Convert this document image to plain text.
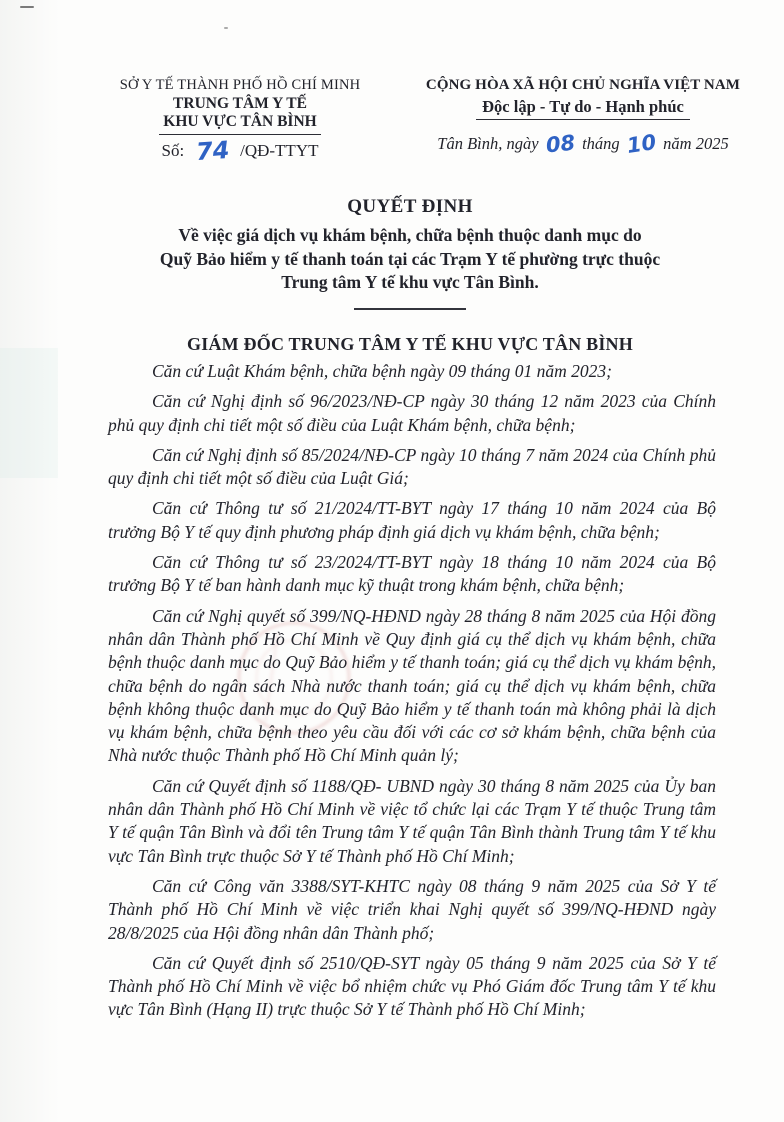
SỞ Y TẾ THÀNH PHỐ HỒ CHÍ MINH
TRUNG TÂM Y TẾ
KHU VỰC TÂN BÌNH
Số: 74 /QĐ-TTYT
CỘNG HÒA XÃ HỘI CHỦ NGHĨA VIỆT NAM
Độc lập - Tự do - Hạnh phúc
Tân Bình, ngày 08 tháng 10 năm 2025
QUYẾT ĐỊNH
Về việc giá dịch vụ khám bệnh, chữa bệnh thuộc danh mục do
Quỹ Bảo hiểm y tế thanh toán tại các Trạm Y tế phường trực thuộc
Trung tâm Y tế khu vực Tân Bình.
GIÁM ĐỐC TRUNG TÂM Y TẾ KHU VỰC TÂN BÌNH

Căn cứ Luật Khám bệnh, chữa bệnh ngày 09 tháng 01 năm 2023;

Căn cứ Nghị định số 96/2023/NĐ-CP ngày 30 tháng 12 năm 2023 của Chính phủ quy định chi tiết một số điều của Luật Khám bệnh, chữa bệnh;

Căn cứ Nghị định số 85/2024/NĐ-CP ngày 10 tháng 7 năm 2024 của Chính phủ quy định chi tiết một số điều của Luật Giá;

Căn cứ Thông tư số 21/2024/TT-BYT ngày 17 tháng 10 năm 2024 của Bộ trưởng Bộ Y tế quy định phương pháp định giá dịch vụ khám bệnh, chữa bệnh;

Căn cứ Thông tư số 23/2024/TT-BYT ngày 18 tháng 10 năm 2024 của Bộ trưởng Bộ Y tế ban hành danh mục kỹ thuật trong khám bệnh, chữa bệnh;

Căn cứ Nghị quyết số 399/NQ-HĐND ngày 28 tháng 8 năm 2025 của Hội đồng nhân dân Thành phố Hồ Chí Minh về Quy định giá cụ thể dịch vụ khám bệnh, chữa bệnh thuộc danh mục do Quỹ Bảo hiểm y tế thanh toán; giá cụ thể dịch vụ khám bệnh, chữa bệnh do ngân sách Nhà nước thanh toán; giá cụ thể dịch vụ khám bệnh, chữa bệnh không thuộc danh mục do Quỹ Bảo hiểm y tế thanh toán mà không phải là dịch vụ khám bệnh, chữa bệnh theo yêu cầu đối với các cơ sở khám bệnh, chữa bệnh của Nhà nước thuộc Thành phố Hồ Chí Minh quản lý;

Căn cứ Quyết định số 1188/QĐ- UBND ngày 30 tháng 8 năm 2025 của Ủy ban nhân dân Thành phố Hồ Chí Minh về việc tổ chức lại các Trạm Y tế thuộc Trung tâm Y tế quận Tân Bình và đổi tên Trung tâm Y tế quận Tân Bình thành Trung tâm Y tế khu vực Tân Bình trực thuộc Sở Y tế Thành phố Hồ Chí Minh;

Căn cứ Công văn 3388/SYT-KHTC ngày 08 tháng 9 năm 2025 của Sở Y tế Thành phố Hồ Chí Minh về việc triển khai Nghị quyết số 399/NQ-HĐND ngày 28/8/2025 của Hội đồng nhân dân Thành phố;

Căn cứ Quyết định số 2510/QĐ-SYT ngày 05 tháng 9 năm 2025 của Sở Y tế Thành phố Hồ Chí Minh về việc bổ nhiệm chức vụ Phó Giám đốc Trung tâm Y tế khu vực Tân Bình (Hạng II) trực thuộc Sở Y tế Thành phố Hồ Chí Minh;
